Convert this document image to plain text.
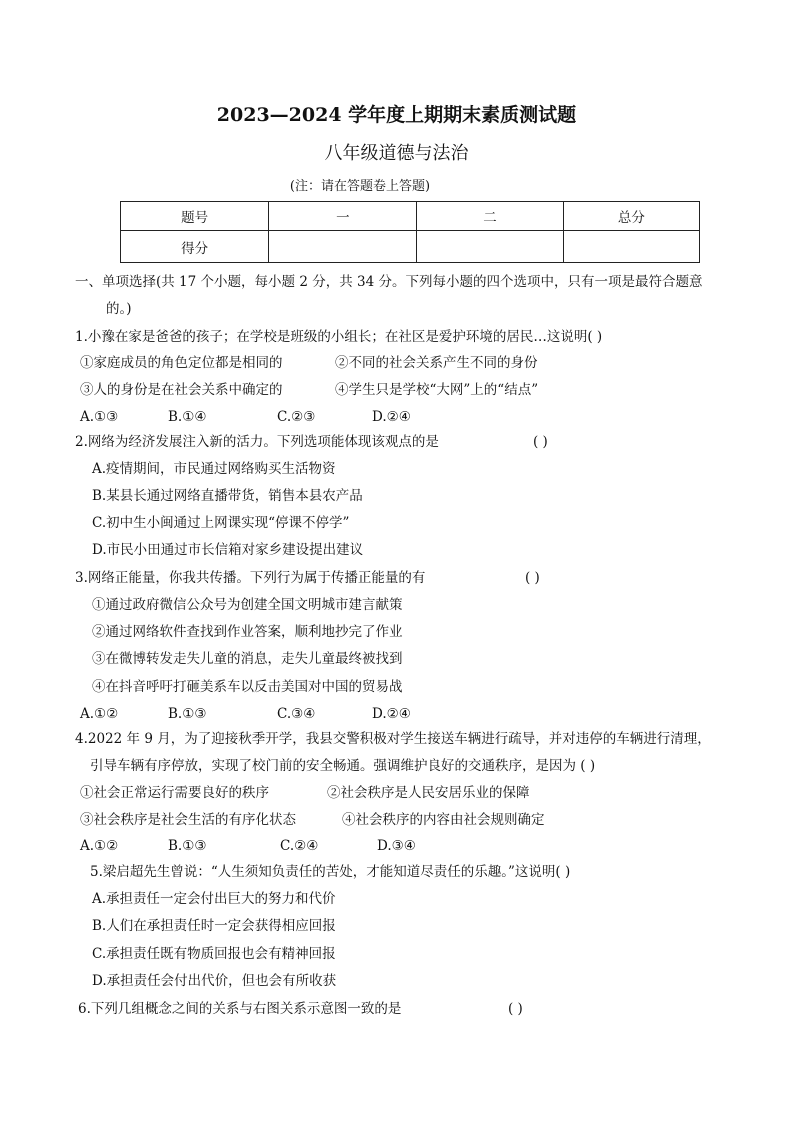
2023—2024 学年度上期期末素质测试题
八年级道德与法治
(注：请在答题卷上答题)
题号	一	二	总分
得分			
一、单项选择(共 17 个小题，每小题 2 分，共 34 分。下列每小题的四个选项中，只有一项是最符合题意
的。)
1.小豫在家是爸爸的孩子；在学校是班级的小组长；在社区是爱护环境的居民…这说明( )
①家庭成员的角色定位都是相同的	②不同的社会关系产生不同的身份
③人的身份是在社会关系中确定的	④学生只是学校“大网”上的“结点”
A.①③	B.①④	C.②③	D.②④
2.网络为经济发展注入新的活力。下列选项能体现该观点的是	( )
A.疫情期间，市民通过网络购买生活物资
B.某县长通过网络直播带货，销售本县农产品
C.初中生小闽通过上网课实现“停课不停学”
D.市民小田通过市长信箱对家乡建设提出建议
3.网络正能量，你我共传播。下列行为属于传播正能量的有	( )
①通过政府微信公众号为创建全国文明城市建言献策
②通过网络软件查找到作业答案，顺利地抄完了作业
③在微博转发走失儿童的消息，走失儿童最终被找到
④在抖音呼吁打砸美系车以反击美国对中国的贸易战
A.①②	B.①③	C.③④	D.②④
4.2022 年 9 月，为了迎接秋季开学，我县交警积极对学生接送车辆进行疏导，并对违停的车辆进行清理，
引导车辆有序停放，实现了校门前的安全畅通。强调维护良好的交通秩序，是因为 ( )
①社会正常运行需要良好的秩序	②社会秩序是人民安居乐业的保障
③社会秩序是社会生活的有序化状态	④社会秩序的内容由社会规则确定
A.①②	B.①③	C.②④	D.③④
5.梁启超先生曾说：“人生须知负责任的苦处，才能知道尽责任的乐趣。”这说明( )
A.承担责任一定会付出巨大的努力和代价
B.人们在承担责任时一定会获得相应回报
C.承担责任既有物质回报也会有精神回报
D.承担责任会付出代价，但也会有所收获
6.下列几组概念之间的关系与右图关系示意图一致的是	( )
